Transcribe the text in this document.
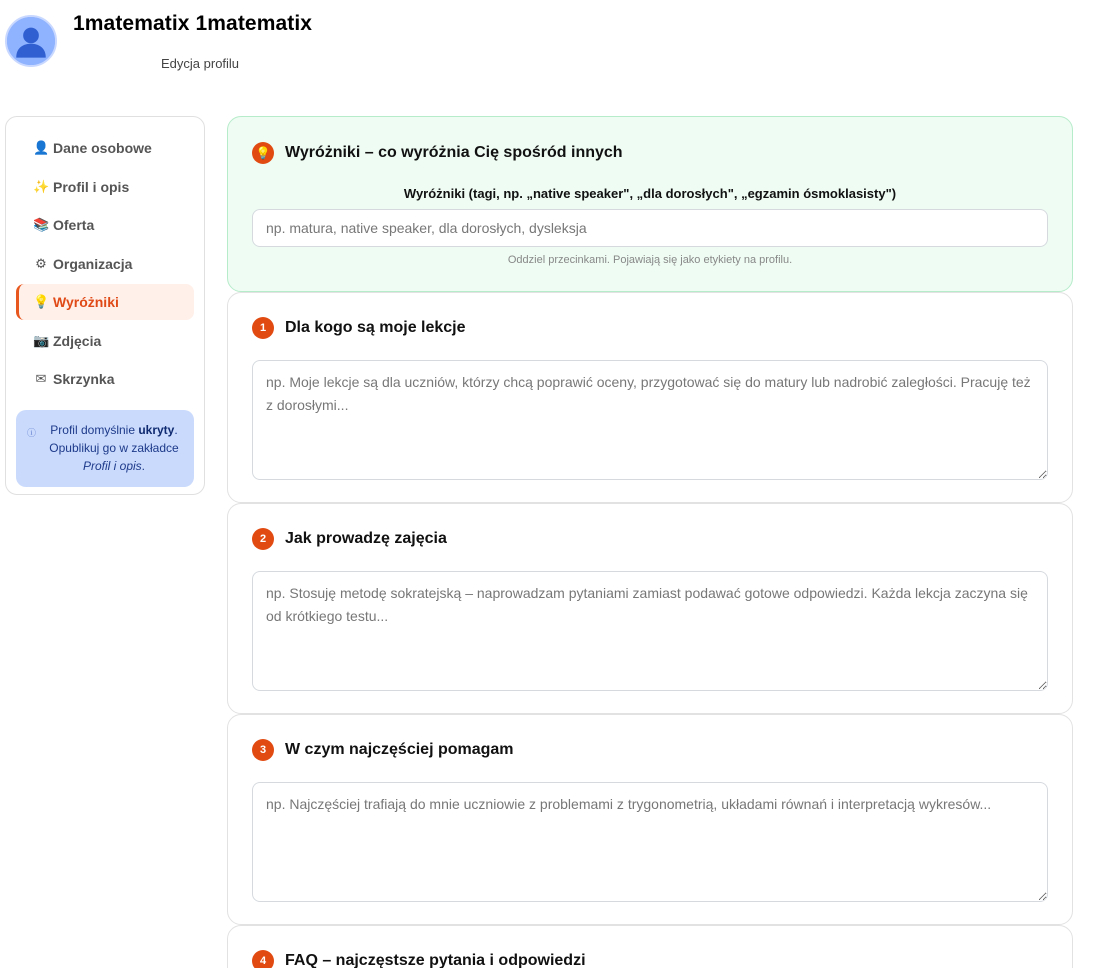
1matematix 1matematix
Edycja profilu
👤 Dane osobowe
✨ Profil i opis
📚 Oferta
⚙ Organizacja
💡 Wyróżniki
📷 Zdjęcia
✉ Skrzynka
ⓘ	Profil domyślnie ukryty. Opublikuj go w zakładce Profil i opis.
💡 Wyróżniki – co wyróżnia Cię spośród innych
Wyróżniki (tagi, np. „native speaker", „dla dorosłych", „egzamin ósmoklasisty")
np. matura, native speaker, dla dorosłych, dysleksja
Oddziel przecinkami. Pojawiają się jako etykiety na profilu.
1	Dla kogo są moje lekcje
np. Moje lekcje są dla uczniów, którzy chcą poprawić oceny, przygotować się do matury lub nadrobić zaległości. Pracuję też z dorosłymi...
2	Jak prowadzę zajęcia
np. Stosuję metodę sokratejską – naprowadzam pytaniami zamiast podawać gotowe odpowiedzi. Każda lekcja zaczyna się od krótkiego testu...
3	W czym najczęściej pomagam
np. Najczęściej trafiają do mnie uczniowie z problemami z trygonometrią, układami równań i interpretacją wykresów...
4	FAQ – najczęstsze pytania i odpowiedzi
